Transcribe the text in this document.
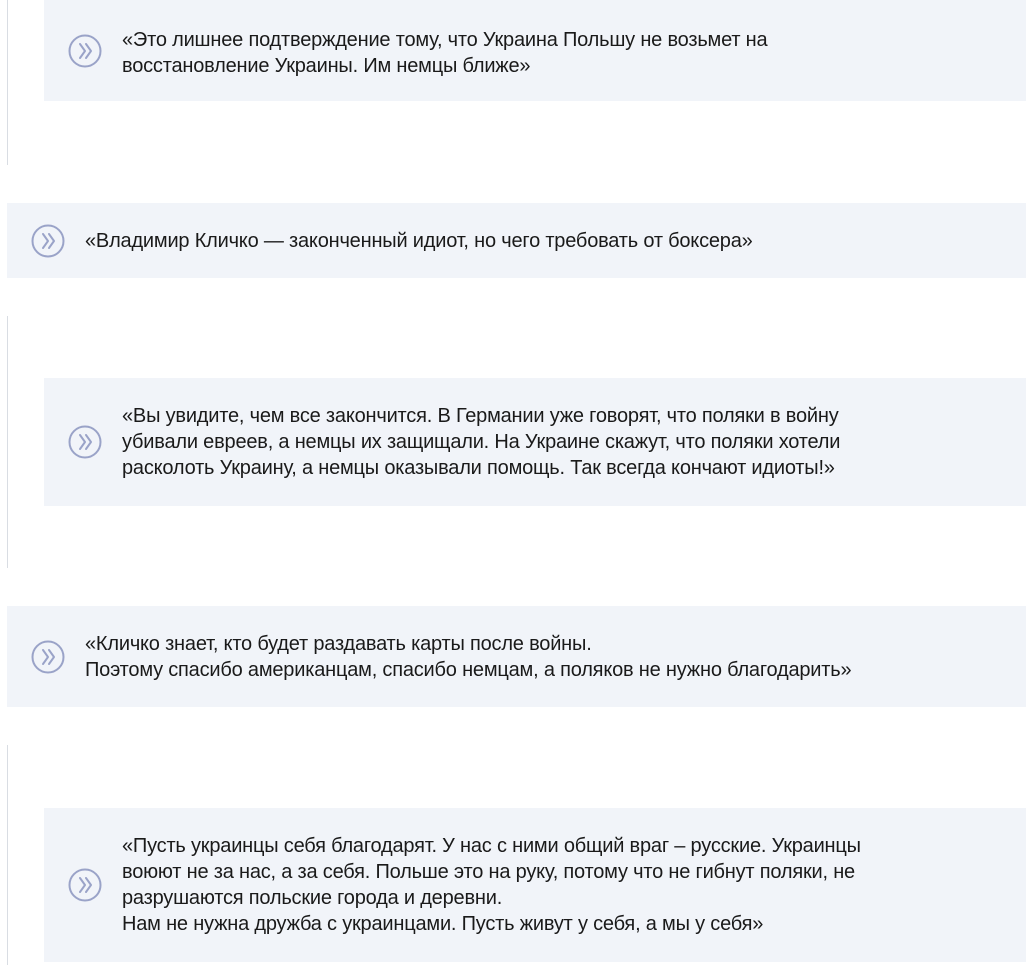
«Это лишнее подтверждение тому, что Украина Польшу не возьмет на
восстановление Украины. Им немцы ближе»
«Владимир Кличко — законченный идиот, но чего требовать от боксера»
«Вы увидите, чем все закончится. В Германии уже говорят, что поляки в войну
убивали евреев, а немцы их защищали. На Украине скажут, что поляки хотели
расколоть Украину, а немцы оказывали помощь. Так всегда кончают идиоты!»
«Кличко знает, кто будет раздавать карты после войны.
Поэтому спасибо американцам, спасибо немцам, а поляков не нужно благодарить»
«Пусть украинцы себя благодарят. У нас с ними общий враг – русские. Украинцы
воюют не за нас, а за себя. Польше это на руку, потому что не гибнут поляки, не
разрушаются польские города и деревни.
Нам не нужна дружба с украинцами. Пусть живут у себя, а мы у себя»
